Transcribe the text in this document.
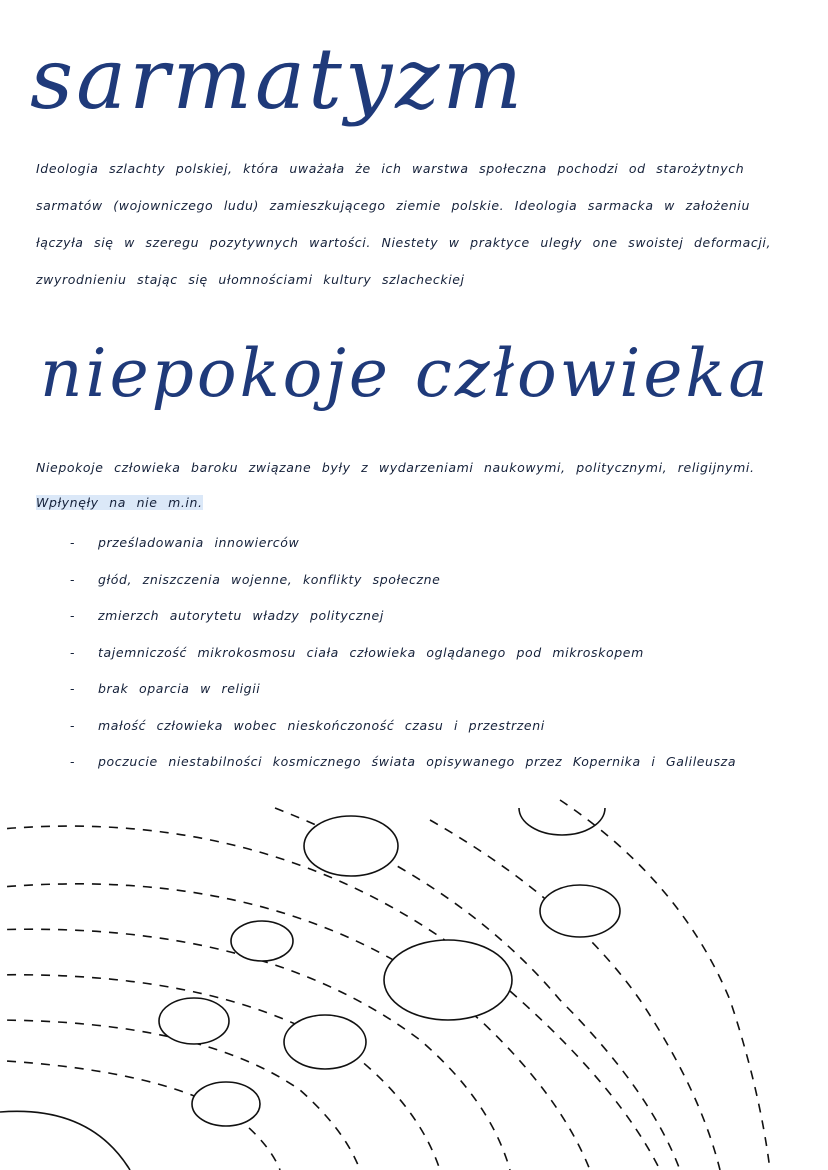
sarmatyzm

Ideologia szlachty polskiej, która uważała że ich warstwa społeczna pochodzi od starożytnych sarmatów (wojowniczego ludu) zamieszkującego ziemie polskie. Ideologia sarmacka w założeniu łączyła się w szeregu pozytywnych wartości. Niestety w praktyce uległy one swoistej deformacji, zwyrodnieniu stając się ułomnościami kultury szlacheckiej

niepokoje człowieka

Niepokoje człowieka baroku związane były z wydarzeniami naukowymi, politycznymi, religijnymi.
Wpłynęły na nie m.in.

- prześladowania innowierców
- głód, zniszczenia wojenne, konflikty społeczne
- zmierzch autorytetu władzy politycznej
- tajemniczość mikrokosmosu ciała człowieka oglądanego pod mikroskopem
- brak oparcia w religii
- małość człowieka wobec nieskończoność czasu i przestrzeni
- poczucie niestabilności kosmicznego świata opisywanego przez Kopernika i Galileusza
